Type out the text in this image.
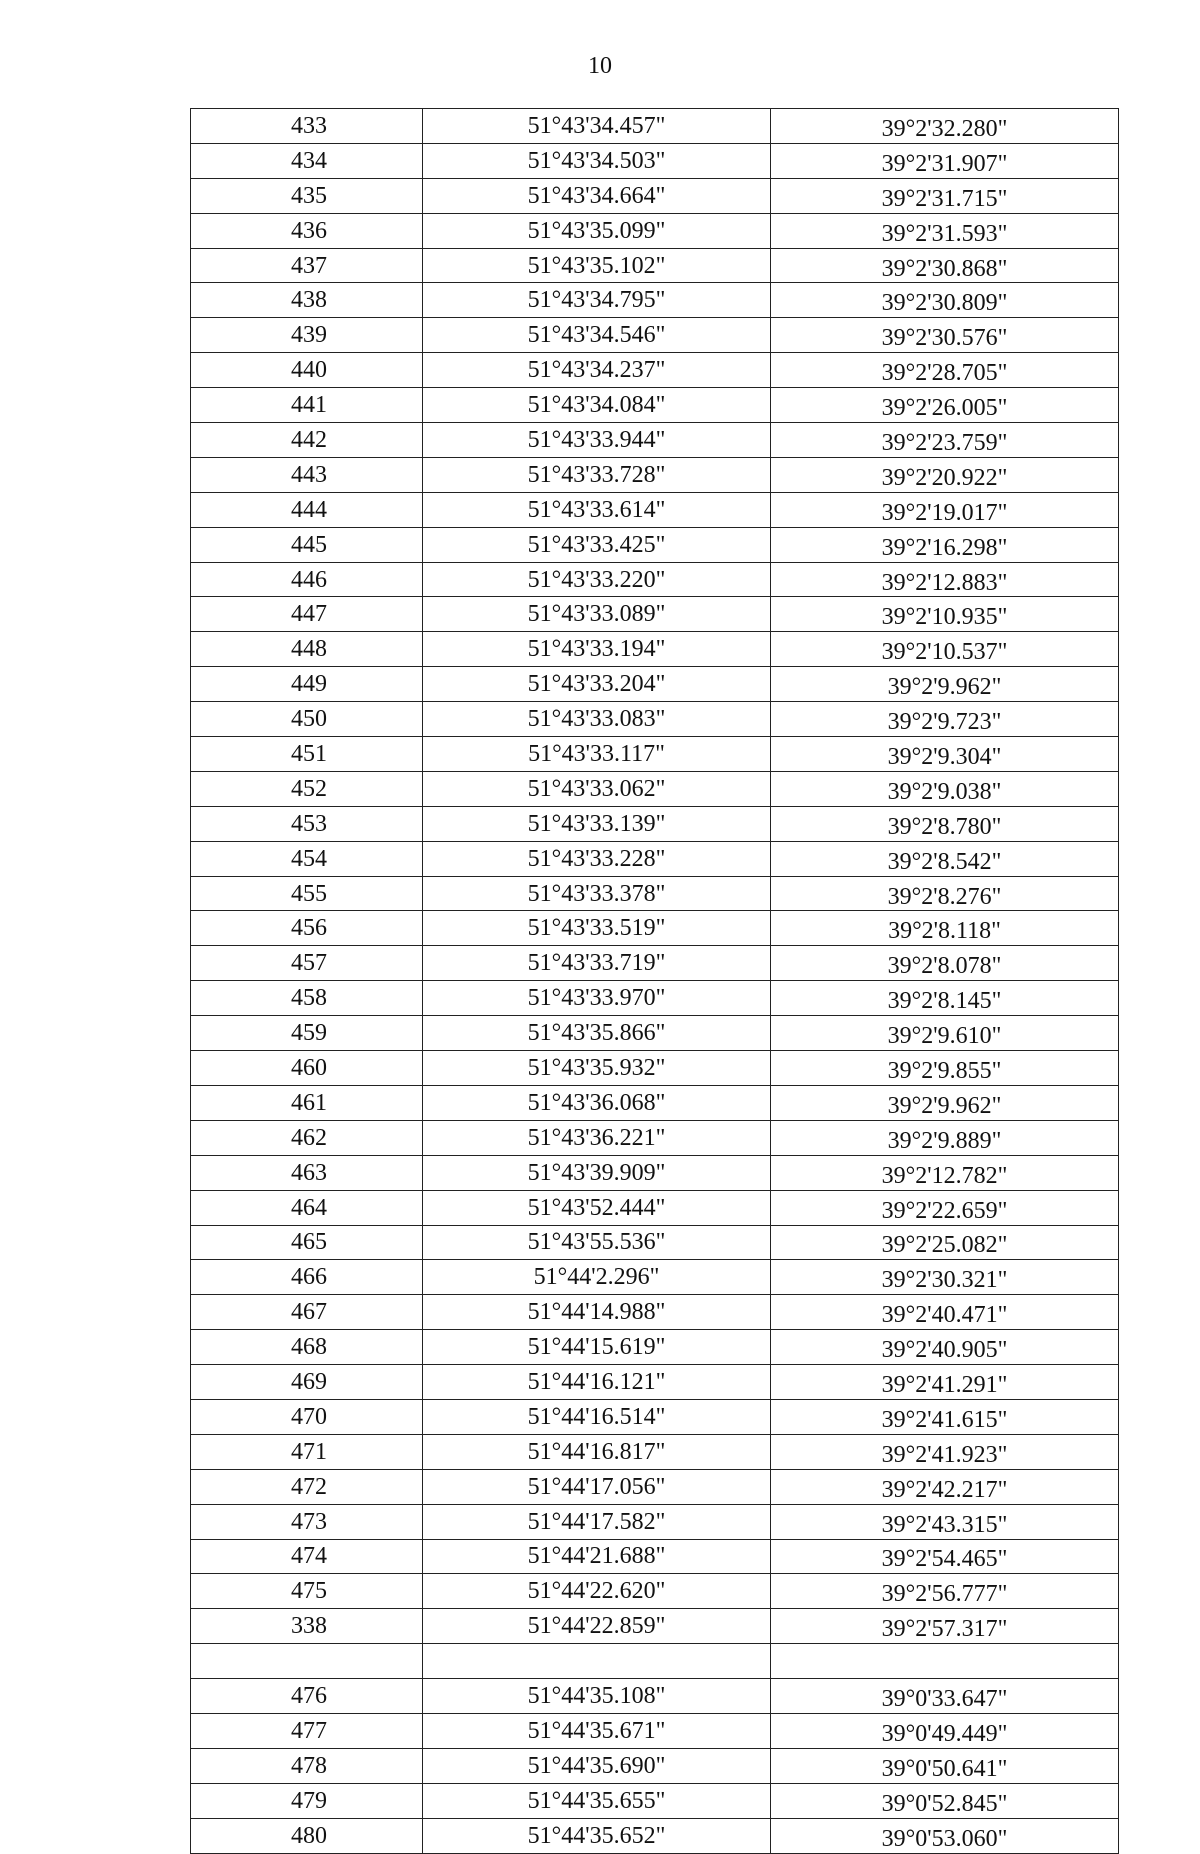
10
433	51°43'34.457"	39°2'32.280"
434	51°43'34.503"	39°2'31.907"
435	51°43'34.664"	39°2'31.715"
436	51°43'35.099"	39°2'31.593"
437	51°43'35.102"	39°2'30.868"
438	51°43'34.795"	39°2'30.809"
439	51°43'34.546"	39°2'30.576"
440	51°43'34.237"	39°2'28.705"
441	51°43'34.084"	39°2'26.005"
442	51°43'33.944"	39°2'23.759"
443	51°43'33.728"	39°2'20.922"
444	51°43'33.614"	39°2'19.017"
445	51°43'33.425"	39°2'16.298"
446	51°43'33.220"	39°2'12.883"
447	51°43'33.089"	39°2'10.935"
448	51°43'33.194"	39°2'10.537"
449	51°43'33.204"	39°2'9.962"
450	51°43'33.083"	39°2'9.723"
451	51°43'33.117"	39°2'9.304"
452	51°43'33.062"	39°2'9.038"
453	51°43'33.139"	39°2'8.780"
454	51°43'33.228"	39°2'8.542"
455	51°43'33.378"	39°2'8.276"
456	51°43'33.519"	39°2'8.118"
457	51°43'33.719"	39°2'8.078"
458	51°43'33.970"	39°2'8.145"
459	51°43'35.866"	39°2'9.610"
460	51°43'35.932"	39°2'9.855"
461	51°43'36.068"	39°2'9.962"
462	51°43'36.221"	39°2'9.889"
463	51°43'39.909"	39°2'12.782"
464	51°43'52.444"	39°2'22.659"
465	51°43'55.536"	39°2'25.082"
466	51°44'2.296"	39°2'30.321"
467	51°44'14.988"	39°2'40.471"
468	51°44'15.619"	39°2'40.905"
469	51°44'16.121"	39°2'41.291"
470	51°44'16.514"	39°2'41.615"
471	51°44'16.817"	39°2'41.923"
472	51°44'17.056"	39°2'42.217"
473	51°44'17.582"	39°2'43.315"
474	51°44'21.688"	39°2'54.465"
475	51°44'22.620"	39°2'56.777"
338	51°44'22.859"	39°2'57.317"

476	51°44'35.108"	39°0'33.647"
477	51°44'35.671"	39°0'49.449"
478	51°44'35.690"	39°0'50.641"
479	51°44'35.655"	39°0'52.845"
480	51°44'35.652"	39°0'53.060"
